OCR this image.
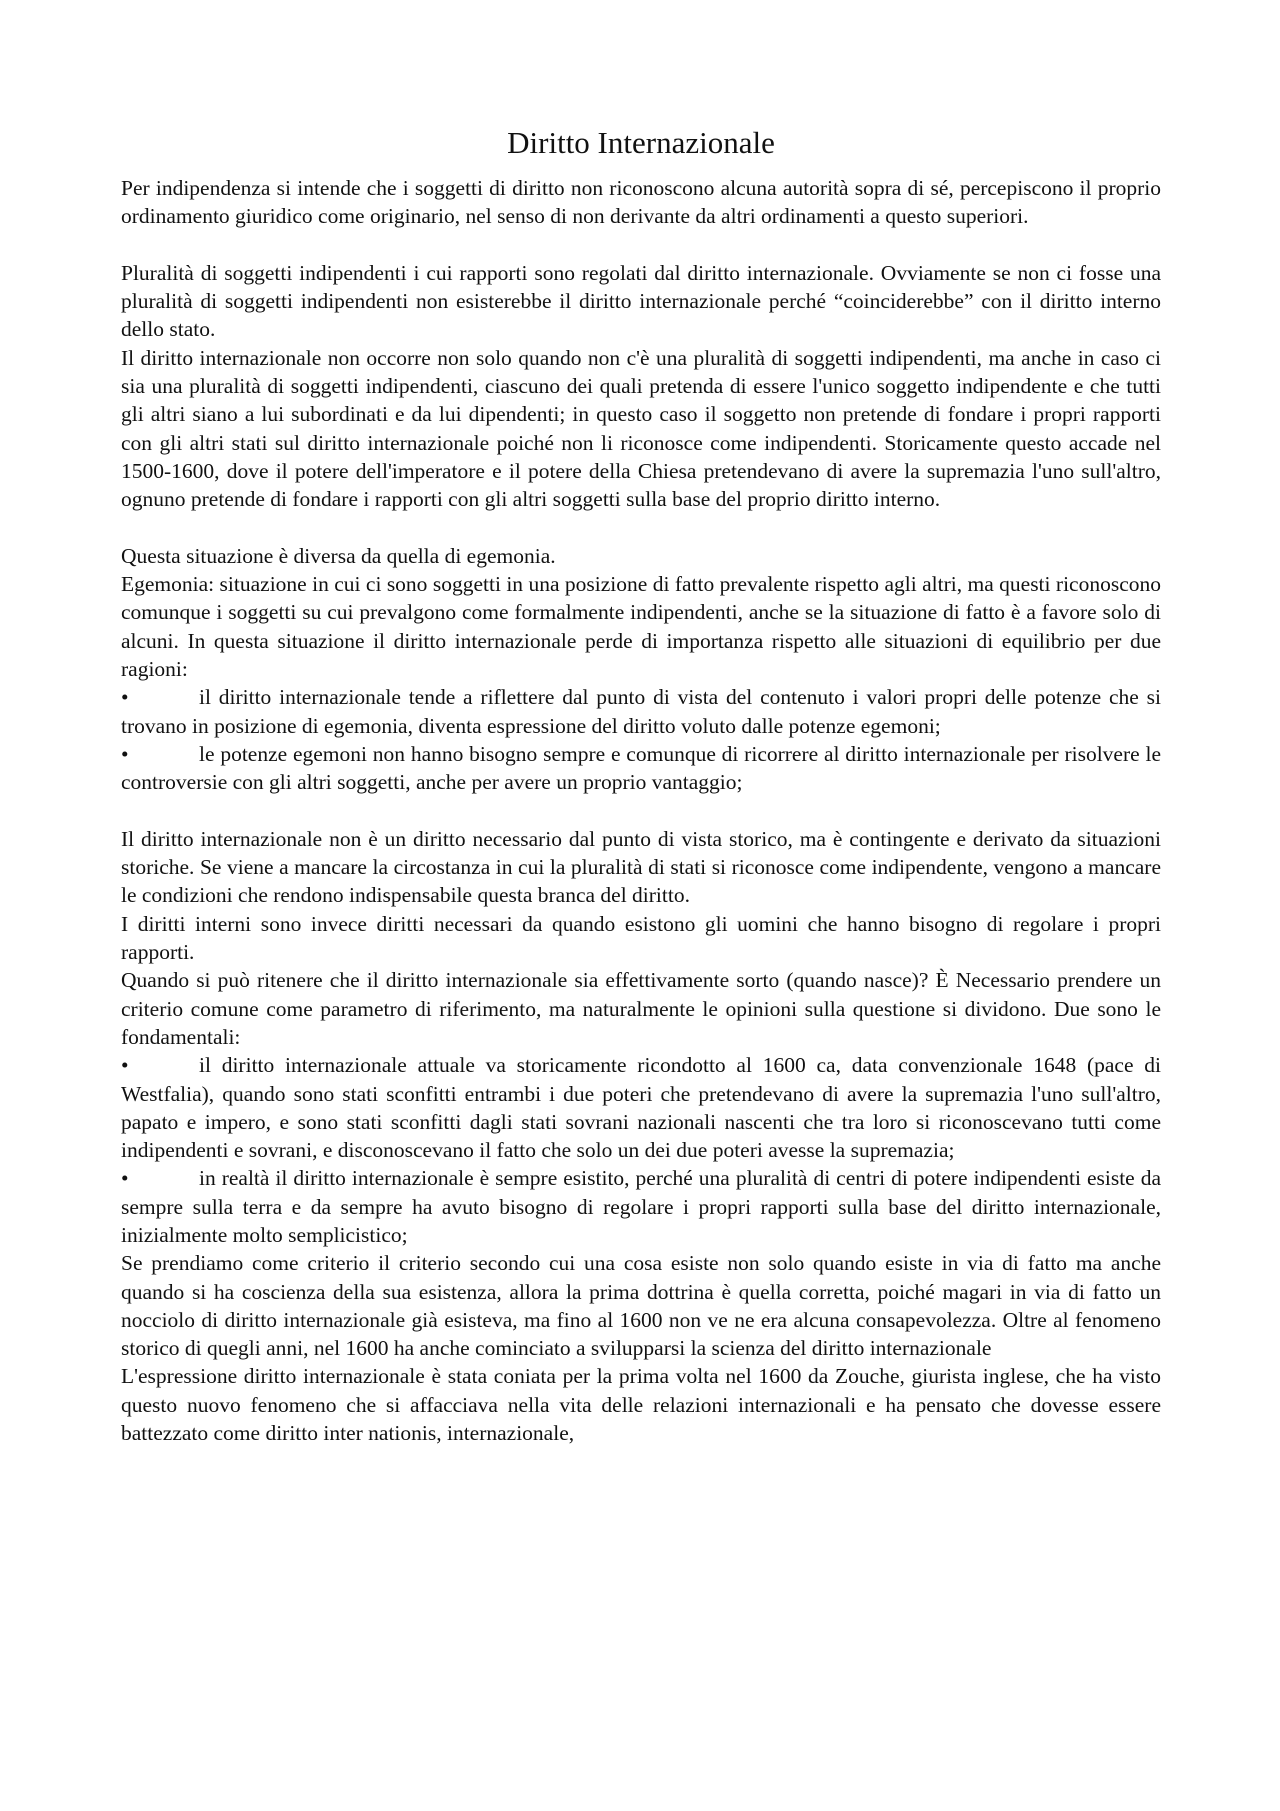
Diritto Internazionale

Per indipendenza si intende che i soggetti di diritto non riconoscono alcuna autorità sopra di sé, percepiscono il proprio ordinamento giuridico come originario, nel senso di non derivante da altri ordinamenti a questo superiori.

Pluralità di soggetti indipendenti i cui rapporti sono regolati dal diritto internazionale. Ovviamente se non ci fosse una pluralità di soggetti indipendenti non esisterebbe il diritto internazionale perché “coinciderebbe” con il diritto interno dello stato.

Il diritto internazionale non occorre non solo quando non c'è una pluralità di soggetti indipendenti, ma anche in caso ci sia una pluralità di soggetti indipendenti, ciascuno dei quali pretenda di essere l'unico soggetto indipendente e che tutti gli altri siano a lui subordinati e da lui dipendenti; in questo caso il soggetto non pretende di fondare i propri rapporti con gli altri stati sul diritto internazionale poiché non li riconosce come indipendenti. Storicamente questo accade nel 1500-1600, dove il potere dell'imperatore e il potere della Chiesa pretendevano di avere la supremazia l'uno sull'altro, ognuno pretende di fondare i rapporti con gli altri soggetti sulla base del proprio diritto interno.

Questa situazione è diversa da quella di egemonia.

Egemonia: situazione in cui ci sono soggetti in una posizione di fatto prevalente rispetto agli altri, ma questi riconoscono comunque i soggetti su cui prevalgono come formalmente indipendenti, anche se la situazione di fatto è a favore solo di alcuni. In questa situazione il diritto internazionale perde di importanza rispetto alle situazioni di equilibrio per due ragioni:

•	il diritto internazionale tende a riflettere dal punto di vista del contenuto i valori propri delle potenze che si trovano in posizione di egemonia, diventa espressione del diritto voluto dalle potenze egemoni;
•	le potenze egemoni non hanno bisogno sempre e comunque di ricorrere al diritto internazionale per risolvere le controversie con gli altri soggetti, anche per avere un proprio vantaggio;

Il diritto internazionale non è un diritto necessario dal punto di vista storico, ma è contingente e derivato da situazioni storiche. Se viene a mancare la circostanza in cui la pluralità di stati si riconosce come indipendente, vengono a mancare le condizioni che rendono indispensabile questa branca del diritto.

I diritti interni sono invece diritti necessari da quando esistono gli uomini che hanno bisogno di regolare i propri rapporti.

Quando si può ritenere che il diritto internazionale sia effettivamente sorto (quando nasce)? È Necessario prendere un criterio comune come parametro di riferimento, ma naturalmente le opinioni sulla questione si dividono. Due sono le fondamentali:

•	il diritto internazionale attuale va storicamente ricondotto al 1600 ca, data convenzionale 1648 (pace di Westfalia), quando sono stati sconfitti entrambi i due poteri che pretendevano di avere la supremazia l'uno sull'altro, papato e impero, e sono stati sconfitti dagli stati sovrani nazionali nascenti che tra loro si riconoscevano tutti come indipendenti e sovrani, e disconoscevano il fatto che solo un dei due poteri avesse la supremazia;
•	in realtà il diritto internazionale è sempre esistito, perché una pluralità di centri di potere indipendenti esiste da sempre sulla terra e da sempre ha avuto bisogno di regolare i propri rapporti sulla base del diritto internazionale, inizialmente molto semplicistico;

Se prendiamo come criterio il criterio secondo cui una cosa esiste non solo quando esiste in via di fatto ma anche quando si ha coscienza della sua esistenza, allora la prima dottrina è quella corretta, poiché magari in via di fatto un nocciolo di diritto internazionale già esisteva, ma fino al 1600 non ve ne era alcuna consapevolezza. Oltre al fenomeno storico di quegli anni, nel 1600 ha anche cominciato a svilupparsi la scienza del diritto internazionale

L'espressione diritto internazionale è stata coniata per la prima volta nel 1600 da Zouche, giurista inglese, che ha visto questo nuovo fenomeno che si affacciava nella vita delle relazioni internazionali e ha pensato che dovesse essere battezzato come diritto inter nationis, internazionale,
